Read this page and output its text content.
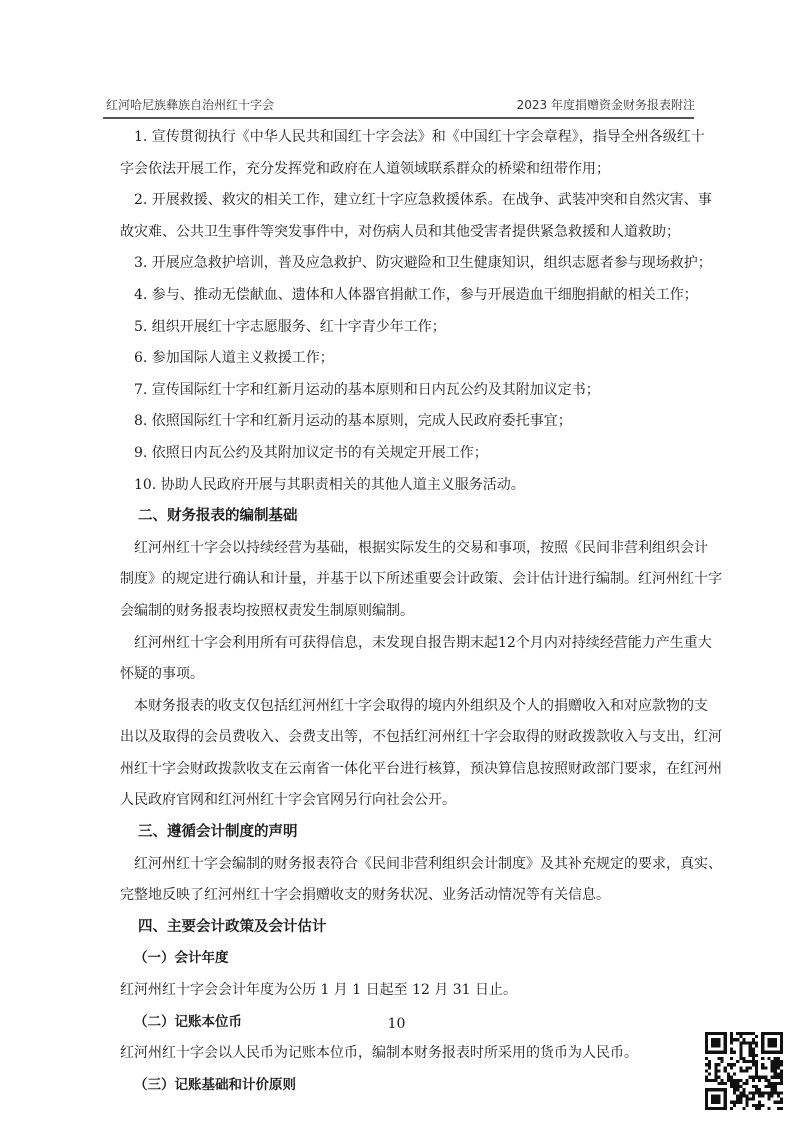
红河哈尼族彝族自治州红十字会	2023 年度捐赠资金财务报表附注
1. 宣传贯彻执行《中华人民共和国红十字会法》和《中国红十字会章程》，指导全州各级红十
字会依法开展工作，充分发挥党和政府在人道领域联系群众的桥梁和纽带作用；
2. 开展救援、救灾的相关工作，建立红十字应急救援体系。在战争、武装冲突和自然灾害、事
故灾难、公共卫生事件等突发事件中，对伤病人员和其他受害者提供紧急救援和人道救助；
3. 开展应急救护培训，普及应急救护、防灾避险和卫生健康知识，组织志愿者参与现场救护；
4. 参与、推动无偿献血、遗体和人体器官捐献工作，参与开展造血干细胞捐献的相关工作；
5. 组织开展红十字志愿服务、红十字青少年工作；
6. 参加国际人道主义救援工作；
7. 宣传国际红十字和红新月运动的基本原则和日内瓦公约及其附加议定书；
8. 依照国际红十字和红新月运动的基本原则，完成人民政府委托事宜；
9. 依照日内瓦公约及其附加议定书的有关规定开展工作；
10. 协助人民政府开展与其职责相关的其他人道主义服务活动。
二、财务报表的编制基础
红河州红十字会以持续经营为基础，根据实际发生的交易和事项，按照《民间非营利组织会计
制度》的规定进行确认和计量，并基于以下所述重要会计政策、会计估计进行编制。红河州红十字
会编制的财务报表均按照权责发生制原则编制。
红河州红十字会利用所有可获得信息，未发现自报告期末起12个月内对持续经营能力产生重大
怀疑的事项。
本财务报表的收支仅包括红河州红十字会取得的境内外组织及个人的捐赠收入和对应款物的支
出以及取得的会员费收入、会费支出等，不包括红河州红十字会取得的财政拨款收入与支出，红河
州红十字会财政拨款收支在云南省一体化平台进行核算，预决算信息按照财政部门要求，在红河州
人民政府官网和红河州红十字会官网另行向社会公开。
三、遵循会计制度的声明
红河州红十字会编制的财务报表符合《民间非营利组织会计制度》及其补充规定的要求，真实、
完整地反映了红河州红十字会捐赠收支的财务状况、业务活动情况等有关信息。
四、主要会计政策及会计估计
（一）会计年度
红河州红十字会会计年度为公历 1 月 1 日起至 12 月 31 日止。
（二）记账本位币
红河州红十字会以人民币为记账本位币，编制本财务报表时所采用的货币为人民币。
（三）记账基础和计价原则
10
